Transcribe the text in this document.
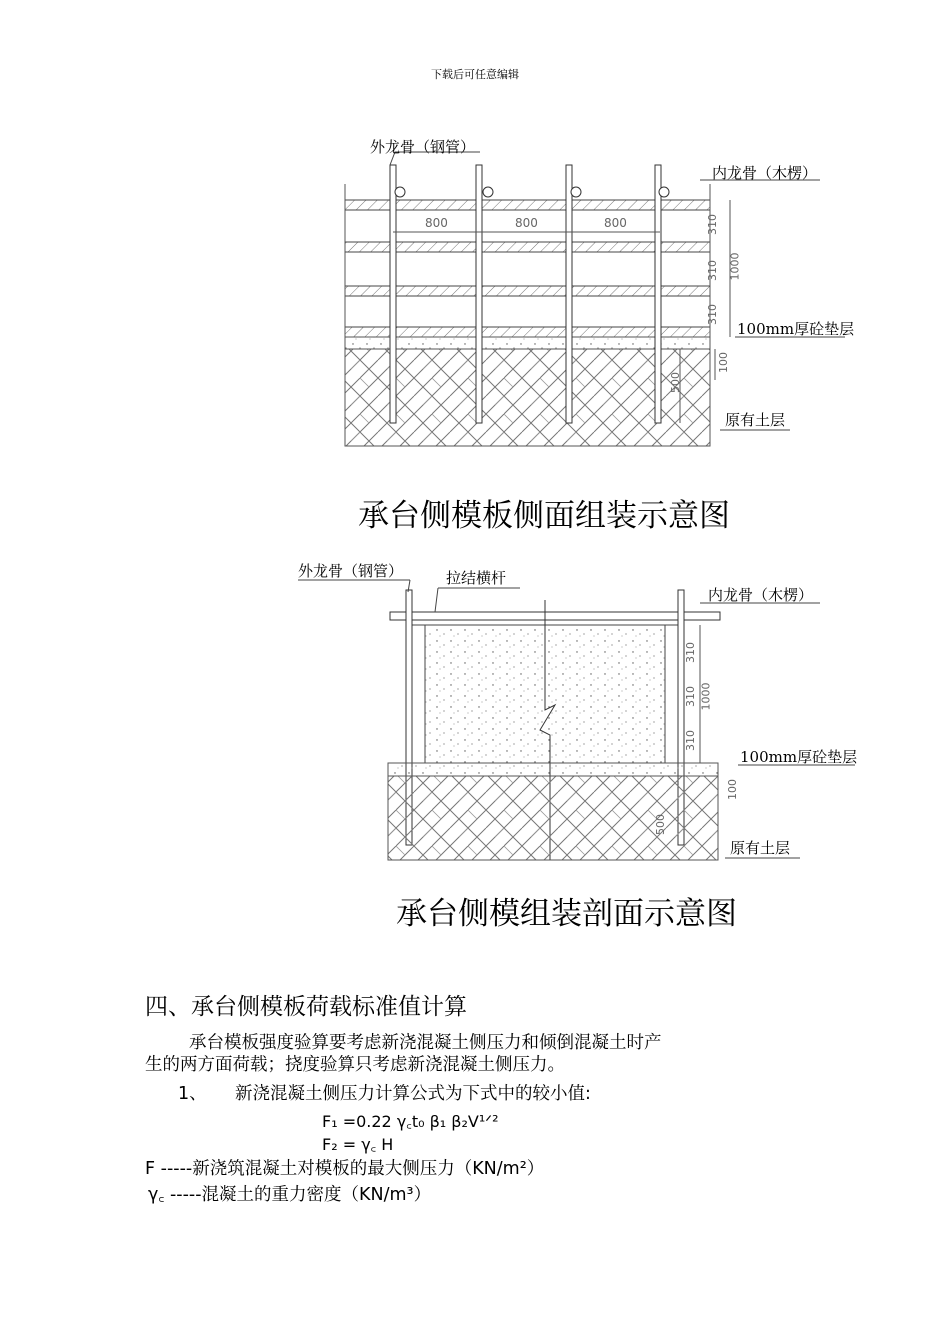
下载后可任意编辑
外龙骨（钢管）
内龙骨（木楞）
800	800	800	310
310
310
1000
100mm厚砼垫层
100
500
原有土层
承台侧模板侧面组装示意图
外龙骨（钢管）	拉结横杆
内龙骨（木楞）
310
310
310
1000
100mm厚砼垫层
100
500
原有土层
承台侧模组装剖面示意图
四、承台侧模板荷载标准值计算
承台模板强度验算要考虑新浇混凝土侧压力和倾倒混凝土时产
生的两方面荷载；挠度验算只考虑新浇混凝土侧压力。
1、 新浇混凝土侧压力计算公式为下式中的较小值:
F₁ =0.22 γ꜀t₀ β₁ β₂V¹ᐟ²
F₂ = γ꜀ H
F -----新浇筑混凝土对模板的最大侧压力（KN/m²）
γ꜀ -----混凝土的重力密度（KN/m³）
